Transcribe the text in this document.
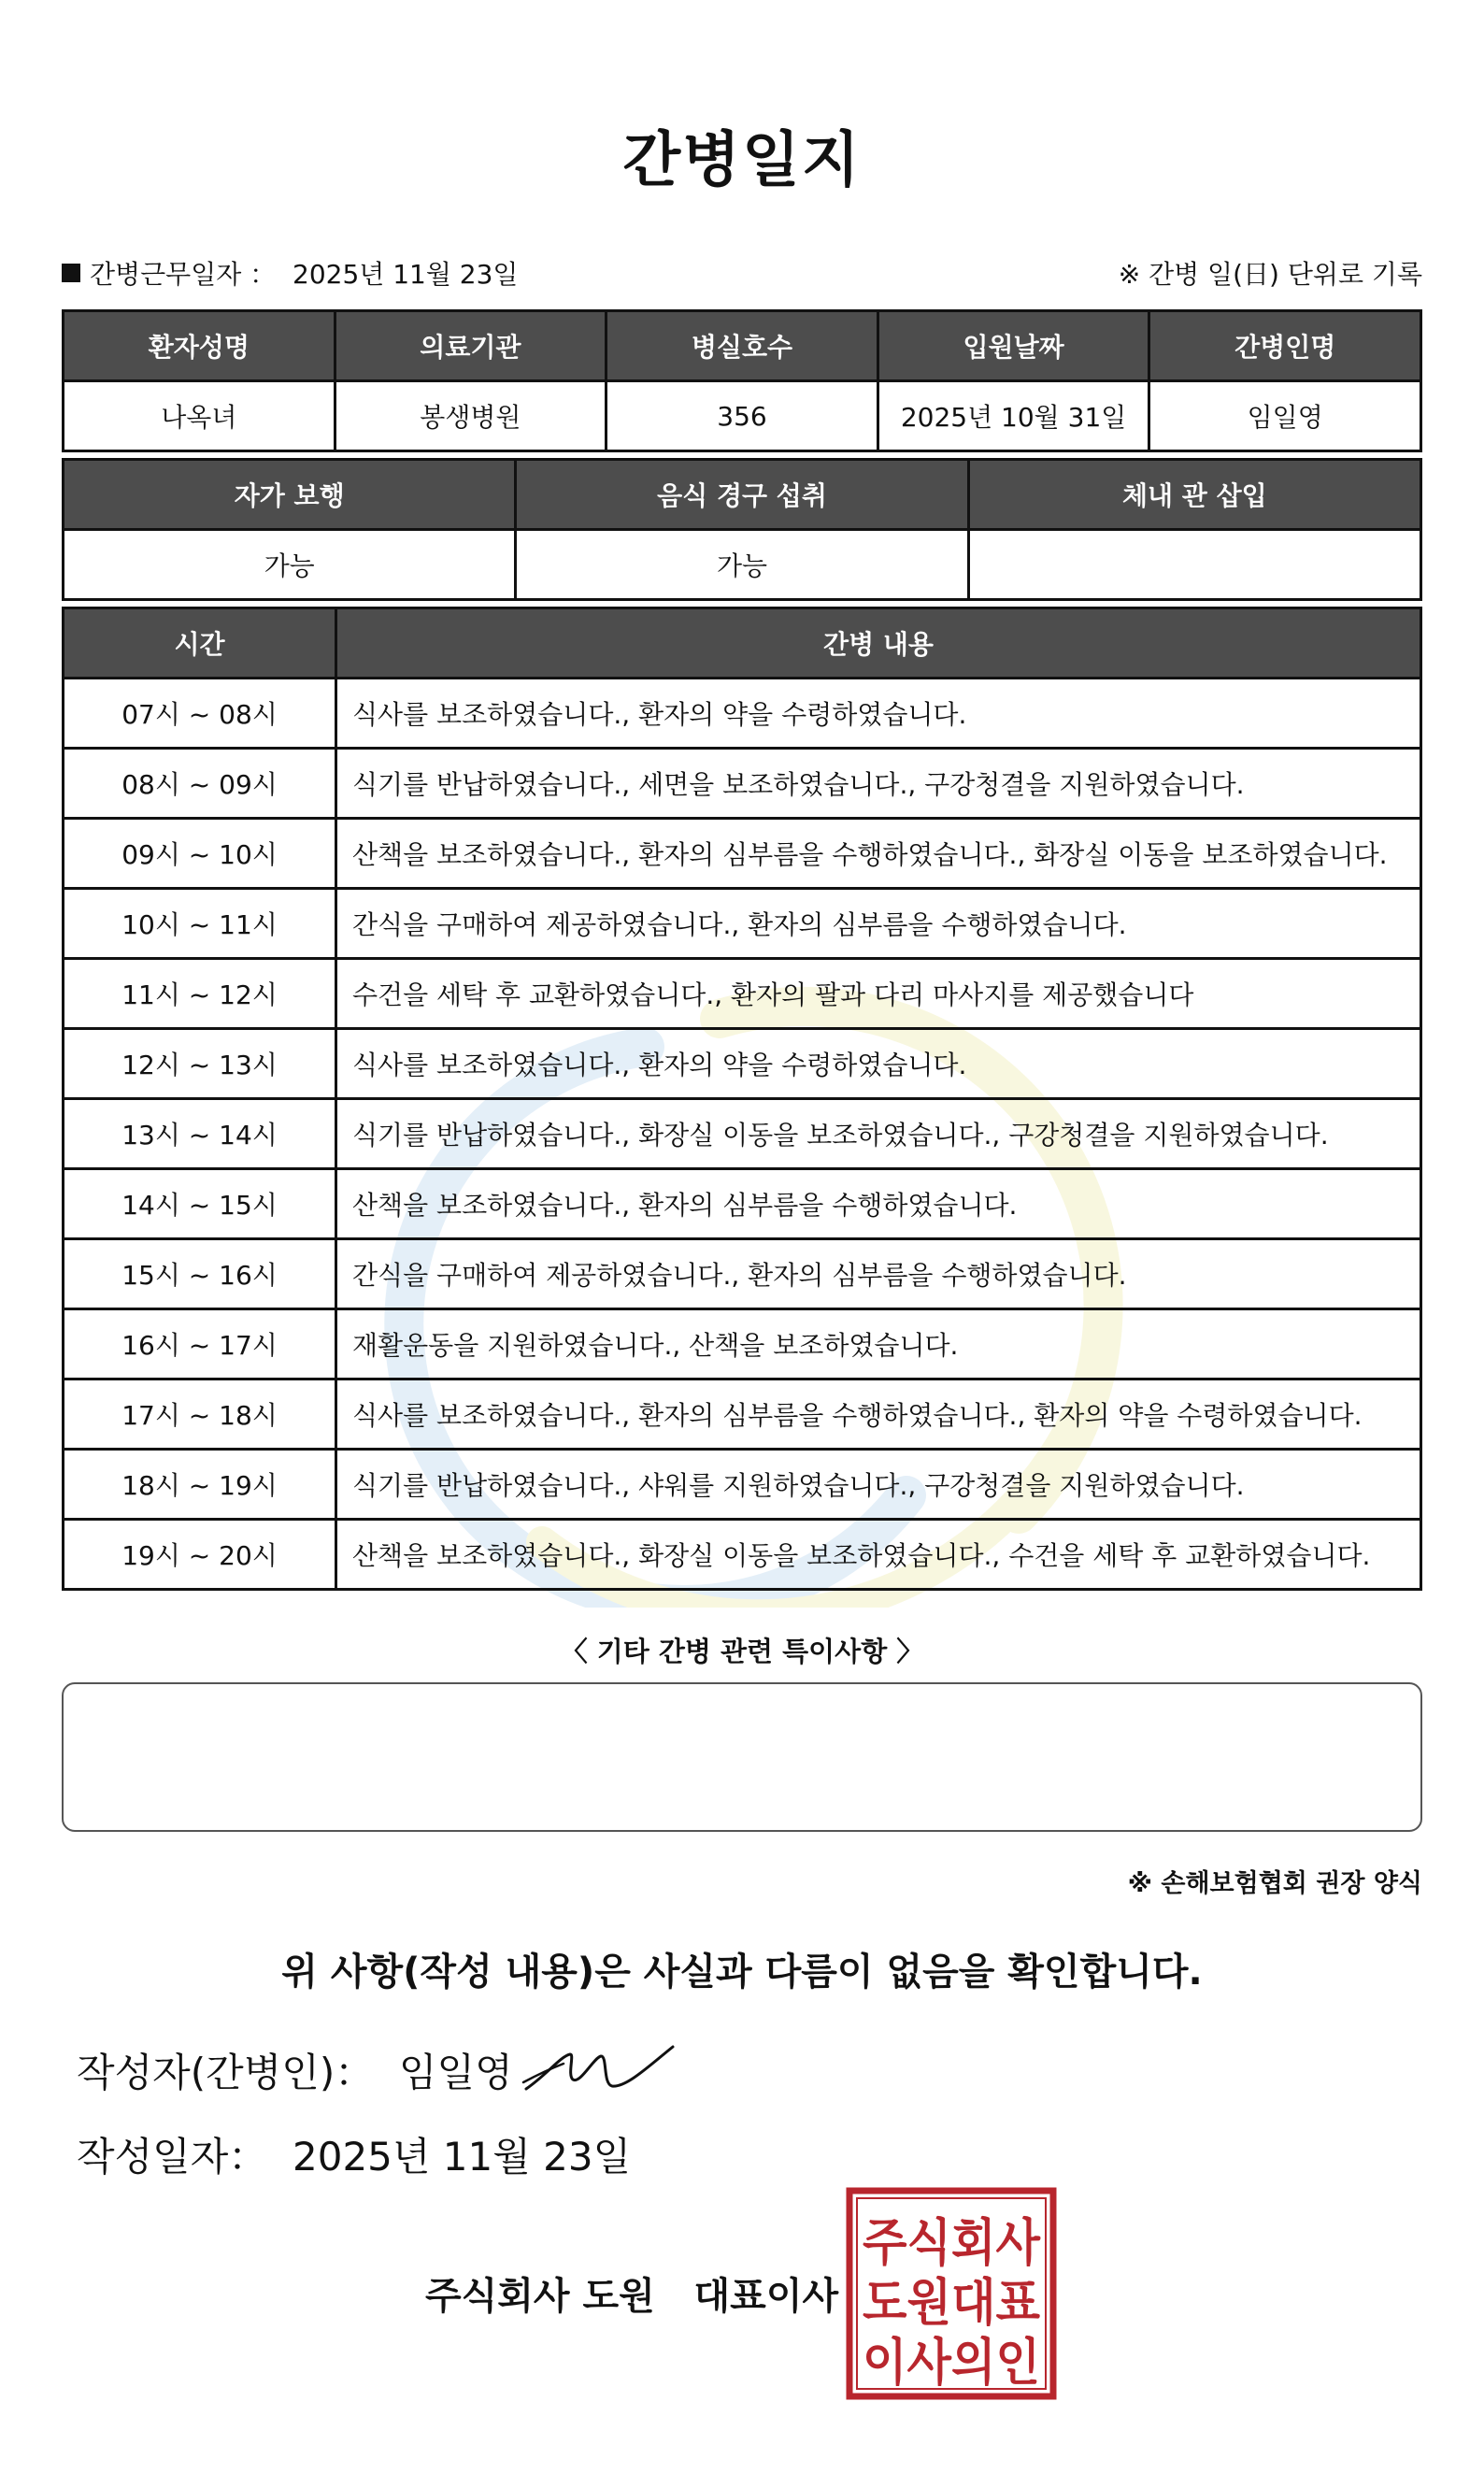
간병일지
간병근무일자 ： 2025년 11월 23일	※ 간병 일(日) 단위로 기록
환자성명	의료기관	병실호수	입원날짜	간병인명
나옥녀	봉생병원	356	2025년 10월 31일	임일영
자가 보행	음식 경구 섭취	체내 관 삽입
가능	가능	
시간	간병 내용
07시 ~ 08시	식사를 보조하였습니다., 환자의 약을 수령하였습니다.
08시 ~ 09시	식기를 반납하였습니다., 세면을 보조하였습니다., 구강청결을 지원하였습니다.
09시 ~ 10시	산책을 보조하였습니다., 환자의 심부름을 수행하였습니다., 화장실 이동을 보조하였습니다.
10시 ~ 11시	간식을 구매하여 제공하였습니다., 환자의 심부름을 수행하였습니다.
11시 ~ 12시	수건을 세탁 후 교환하였습니다., 환자의 팔과 다리 마사지를 제공했습니다
12시 ~ 13시	식사를 보조하였습니다., 환자의 약을 수령하였습니다.
13시 ~ 14시	식기를 반납하였습니다., 화장실 이동을 보조하였습니다., 구강청결을 지원하였습니다.
14시 ~ 15시	산책을 보조하였습니다., 환자의 심부름을 수행하였습니다.
15시 ~ 16시	간식을 구매하여 제공하였습니다., 환자의 심부름을 수행하였습니다.
16시 ~ 17시	재활운동을 지원하였습니다., 산책을 보조하였습니다.
17시 ~ 18시	식사를 보조하였습니다., 환자의 심부름을 수행하였습니다., 환자의 약을 수령하였습니다.
18시 ~ 19시	식기를 반납하였습니다., 샤워를 지원하였습니다., 구강청결을 지원하였습니다.
19시 ~ 20시	산책을 보조하였습니다., 화장실 이동을 보조하였습니다., 수건을 세탁 후 교환하였습니다.
〈 기타 간병 관련 특이사항 〉
※ 손해보험협회 권장 양식
위 사항(작성 내용)은 사실과 다름이 없음을 확인합니다.
작성자(간병인)： 임일영
작성일자： 2025년 11월 23일
주식회사 도원   대표이사
주식회사
도원대표
이사의인
